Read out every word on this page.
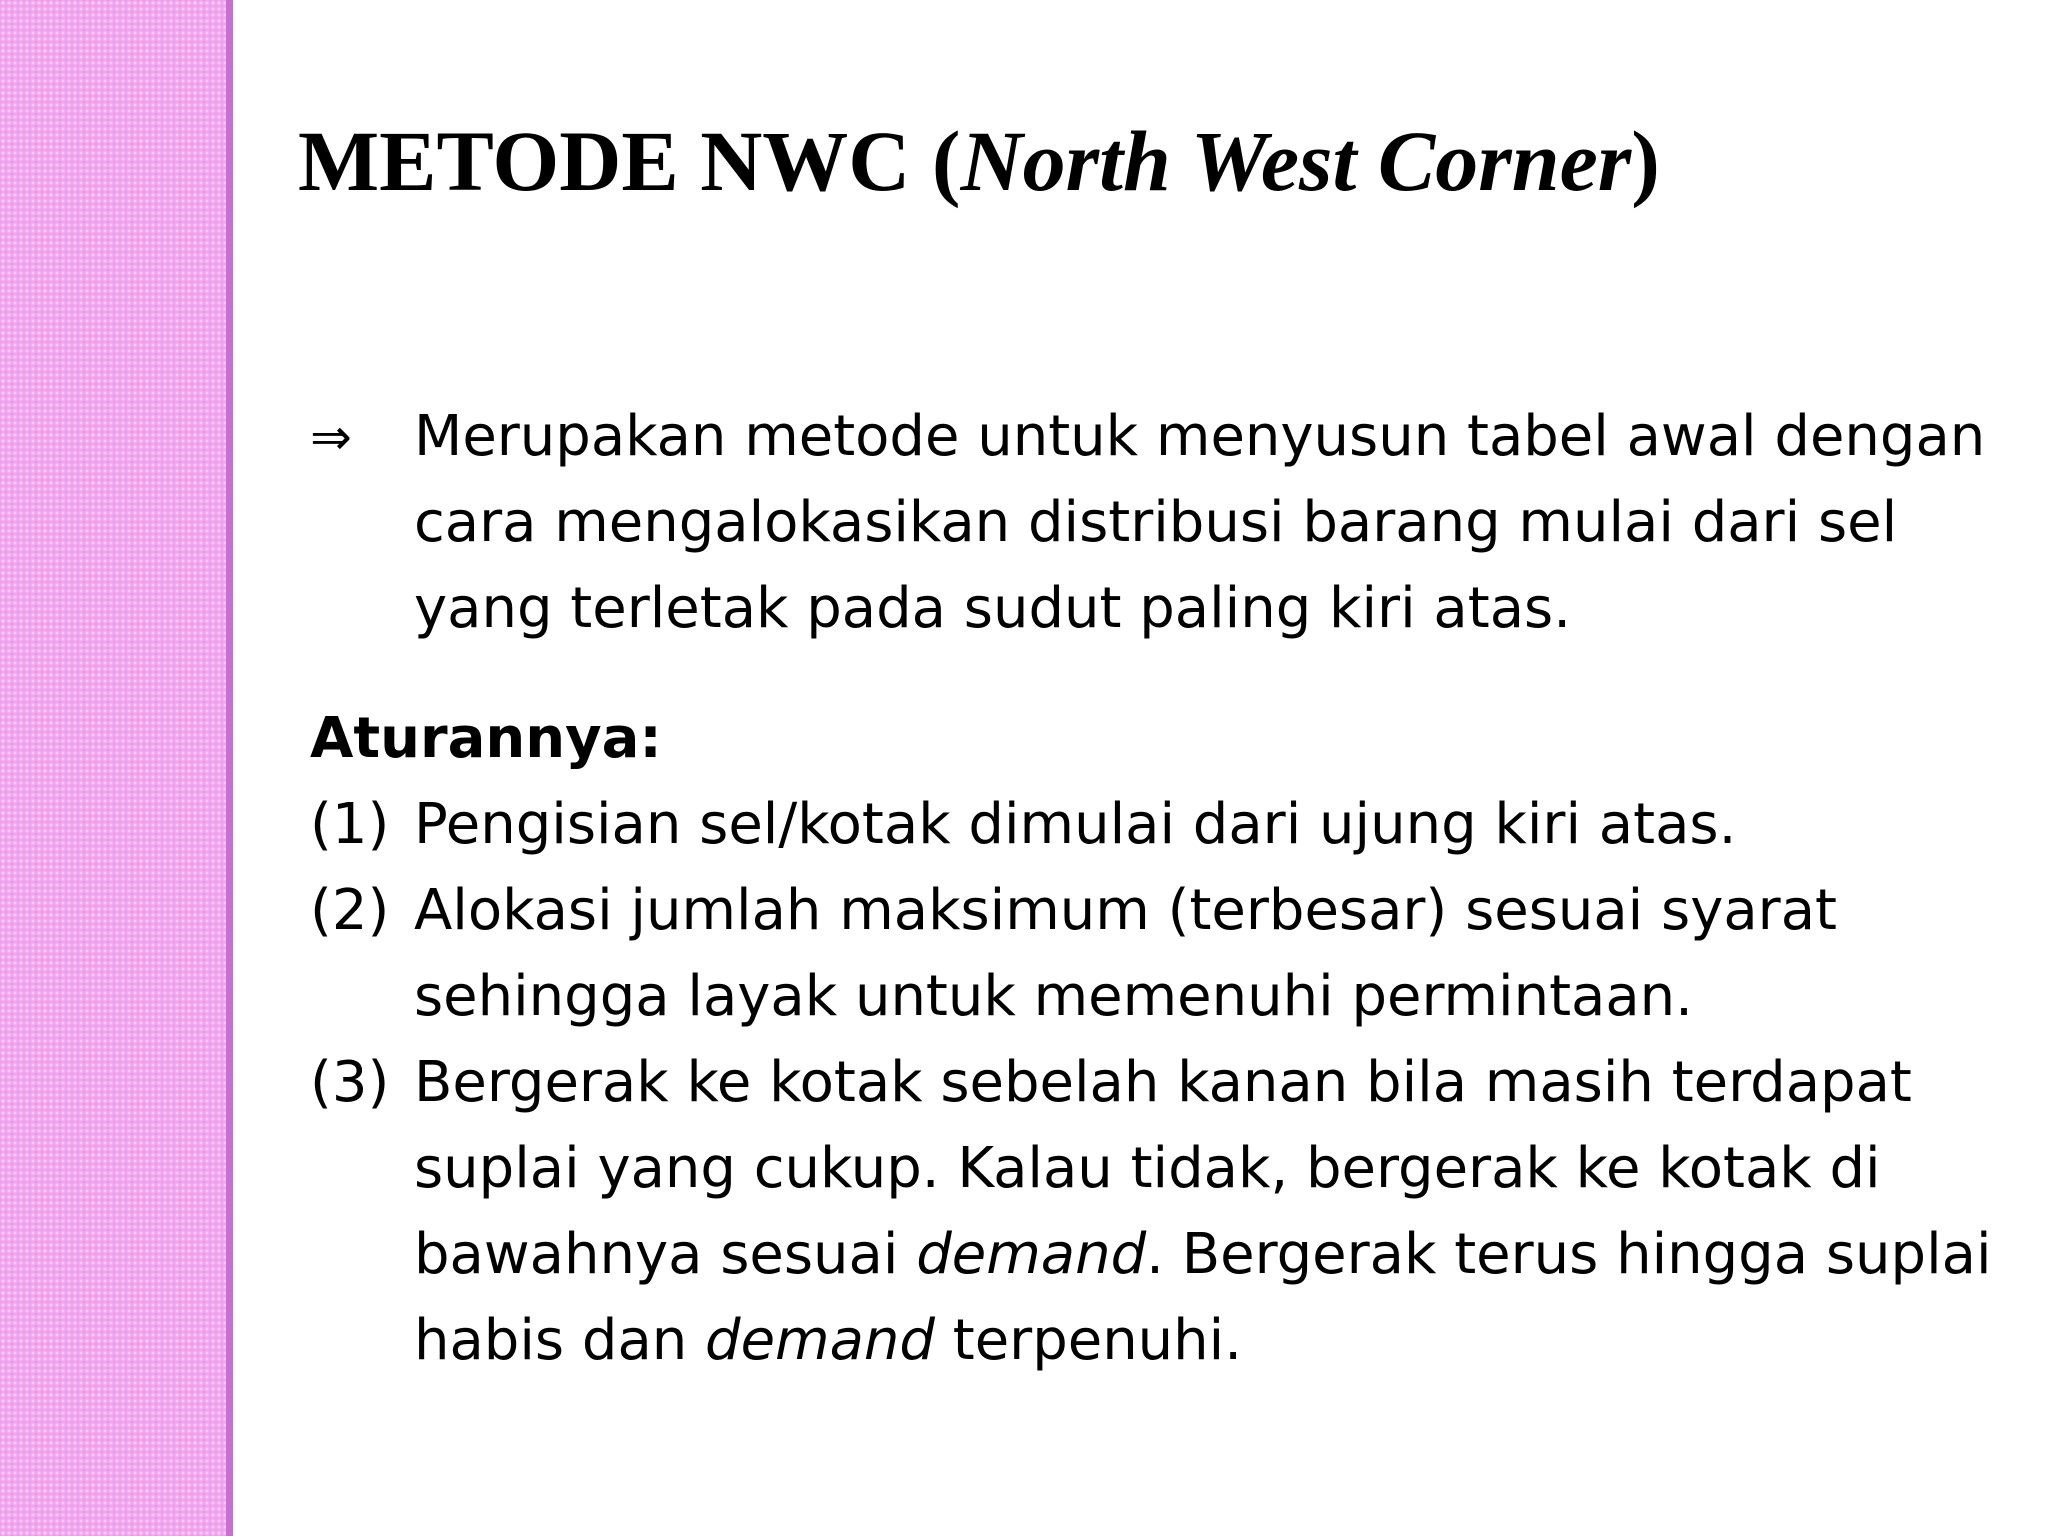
METODE NWC (North West Corner)
⇒	Merupakan metode untuk menyusun tabel awal dengan cara mengalokasikan distribusi barang mulai dari sel yang terletak pada sudut paling kiri atas.
Aturannya:
(1) Pengisian sel/kotak dimulai dari ujung kiri atas.
(2) Alokasi jumlah maksimum (terbesar) sesuai syarat sehingga layak untuk memenuhi permintaan.
(3) Bergerak ke kotak sebelah kanan bila masih terdapat suplai yang cukup. Kalau tidak, bergerak ke kotak di bawahnya sesuai demand. Bergerak terus hingga suplai habis dan demand terpenuhi.
